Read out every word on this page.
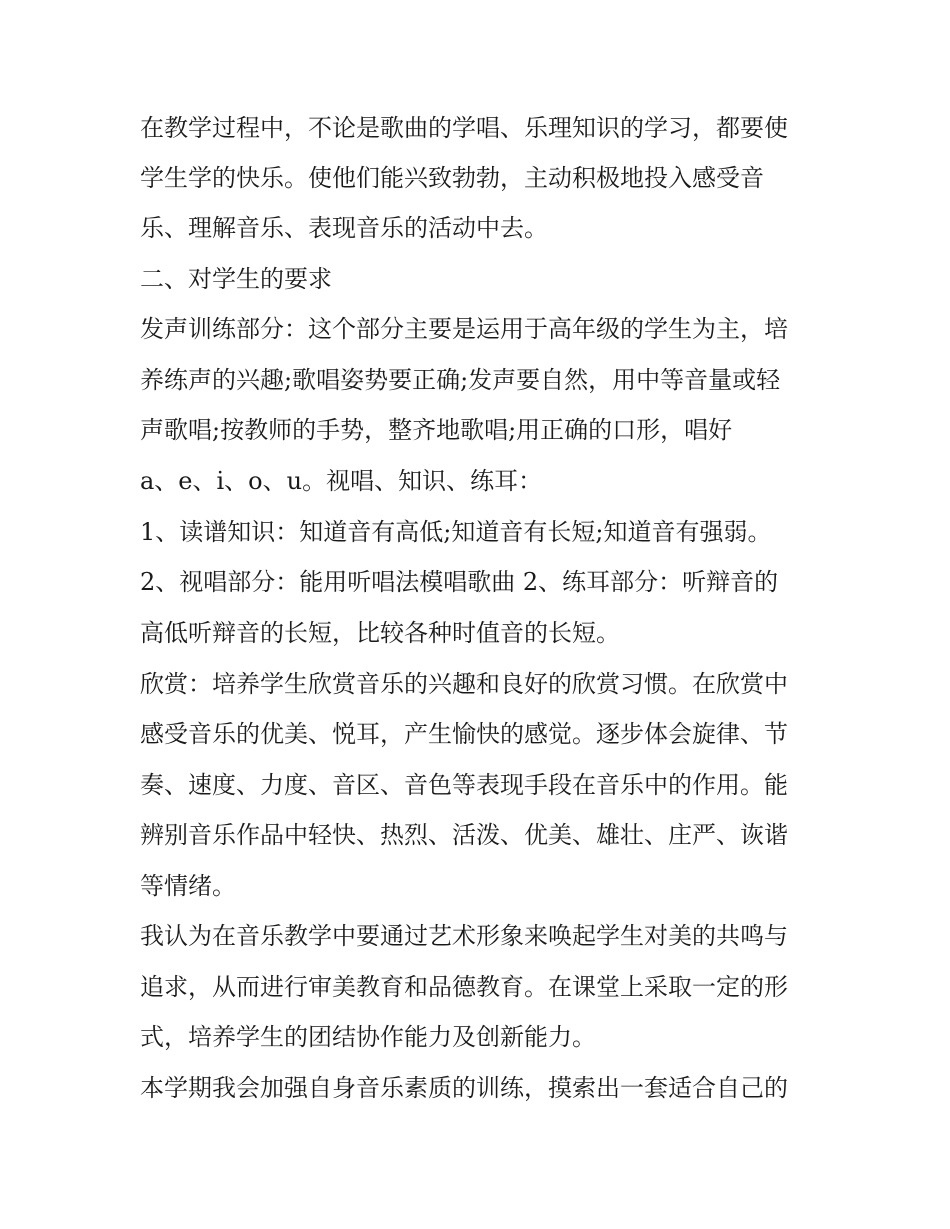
在教学过程中，不论是歌曲的学唱、乐理知识的学习，都要使

学生学的快乐。使他们能兴致勃勃，主动积极地投入感受音

乐、理解音乐、表现音乐的活动中去。

二、对学生的要求

发声训练部分：这个部分主要是运用于高年级的学生为主，培

养练声的兴趣;歌唱姿势要正确;发声要自然，用中等音量或轻

声歌唱;按教师的手势，整齐地歌唱;用正确的口形，唱好

a、e、i、o、u。视唱、知识、练耳：

1、读谱知识：知道音有高低;知道音有长短;知道音有强弱。

2、视唱部分：能用听唱法模唱歌曲 2、练耳部分：听辩音的

高低听辩音的长短，比较各种时值音的长短。

欣赏：培养学生欣赏音乐的兴趣和良好的欣赏习惯。在欣赏中

感受音乐的优美、悦耳，产生愉快的感觉。逐步体会旋律、节

奏、速度、力度、音区、音色等表现手段在音乐中的作用。能

辨别音乐作品中轻快、热烈、活泼、优美、雄壮、庄严、诙谐

等情绪。

我认为在音乐教学中要通过艺术形象来唤起学生对美的共鸣与

追求，从而进行审美教育和品德教育。在课堂上采取一定的形

式，培养学生的团结协作能力及创新能力。

本学期我会加强自身音乐素质的训练，摸索出一套适合自己的
